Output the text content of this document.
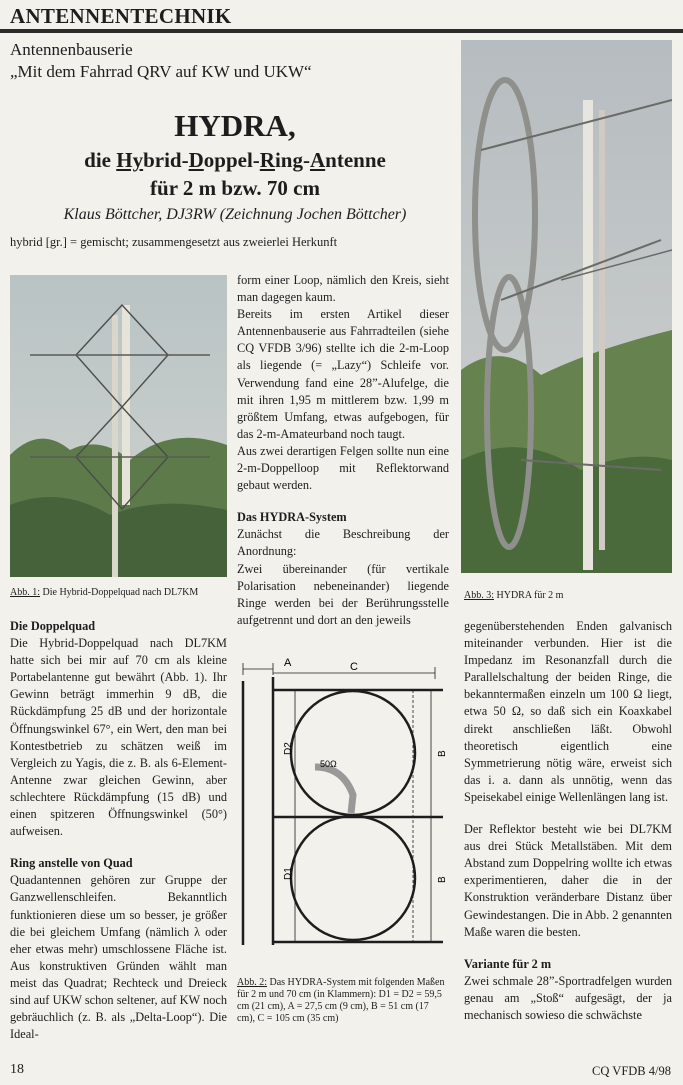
ANTENNENTECHNIK
Antennenbauserie
„Mit dem Fahrrad QRV auf KW und UKW“
HYDRA,
die Hybrid-Doppel-Ring-Antenne
für 2 m bzw. 70 cm
Klaus Böttcher, DJ3RW (Zeichnung Jochen Böttcher)
hybrid [gr.] = gemischt; zusammengesetzt aus zweierlei Herkunft
Abb. 1: Die Hybrid-Doppelquad nach DL7KM
Die Doppelquad

Die Hybrid-Doppelquad nach DL7KM hatte sich bei mir auf 70 cm als kleine Portabelantenne gut bewährt (Abb. 1). Ihr Gewinn beträgt immerhin 9 dB, die Rückdämpfung 25 dB und der horizontale Öffnungswinkel 67°, ein Wert, den man bei Kontestbetrieb zu schätzen weiß im Vergleich zu Yagis, die z. B. als 6-Element-Antenne zwar gleichen Gewinn, aber schlechtere Rückdämpfung (15 dB) und einen spitzeren Öffnungswinkel (50°) aufweisen.

Ring anstelle von Quad

Quadantennen gehören zur Gruppe der Ganzwellenschleifen. Bekanntlich funktionieren diese um so besser, je größer die bei gleichem Umfang (nämlich λ oder eher etwas mehr) umschlossene Fläche ist. Aus konstruktiven Gründen wählt man meist das Quadrat; Rechteck und Dreieck sind auf UKW schon seltener, auf KW noch gebräuchlich (z. B. als „Delta-Loop“). Die Ideal-

form einer Loop, nämlich den Kreis, sieht man dagegen kaum.

Bereits im ersten Artikel dieser Antennenbauserie aus Fahrradteilen (siehe CQ VFDB 3/96) stellte ich die 2-m-Loop als liegende (= „Lazy“) Schleife vor. Verwendung fand eine 28”-Alufelge, die mit ihren 1,95 m mittlerem bzw. 1,99 m größtem Umfang, etwas aufgebogen, für das 2-m-Amateurband noch taugt.

Aus zwei derartigen Felgen sollte nun eine 2-m-Doppelloop mit Reflektorwand gebaut werden.

Das HYDRA-System

Zunächst die Beschreibung der Anordnung:

Zwei übereinander (für vertikale Polarisation nebeneinander) liegende Ringe werden bei der Berührungsstelle aufgetrennt und dort an den jeweils

A	C
D2
D1
B
B
50Ω
Abb. 2: Das HYDRA-System mit folgenden Maßen für 2 m und 70 cm (in Klammern): D1 = D2 = 59,5 cm (21 cm), A = 27,5 cm (9 cm), B = 51 cm (17 cm), C = 105 cm (35 cm)
Abb. 3: HYDRA für 2 m

gegenüberstehenden Enden galvanisch miteinander verbunden. Hier ist die Impedanz im Resonanzfall durch die Parallelschaltung der beiden Ringe, die bekanntermaßen einzeln um 100 Ω liegt, etwa 50 Ω, so daß sich ein Koaxkabel direkt anschließen läßt. Obwohl theoretisch eigentlich eine Symmetrierung nötig wäre, erweist sich das i. a. dann als unnötig, wenn das Speisekabel einige Wellenlängen lang ist.

Der Reflektor besteht wie bei DL7KM aus drei Stück Metallstäben. Mit dem Abstand zum Doppelring wollte ich etwas experimentieren, daher die in der Konstruktion veränderbare Distanz über Gewindestangen. Die in Abb. 2 genannten Maße waren die besten.

Variante für 2 m

Zwei schmale 28”-Sportradfelgen wurden genau am „Stoß“ aufgesägt, der ja mechanisch sowieso die schwächste

18	CQ VFDB 4/98
